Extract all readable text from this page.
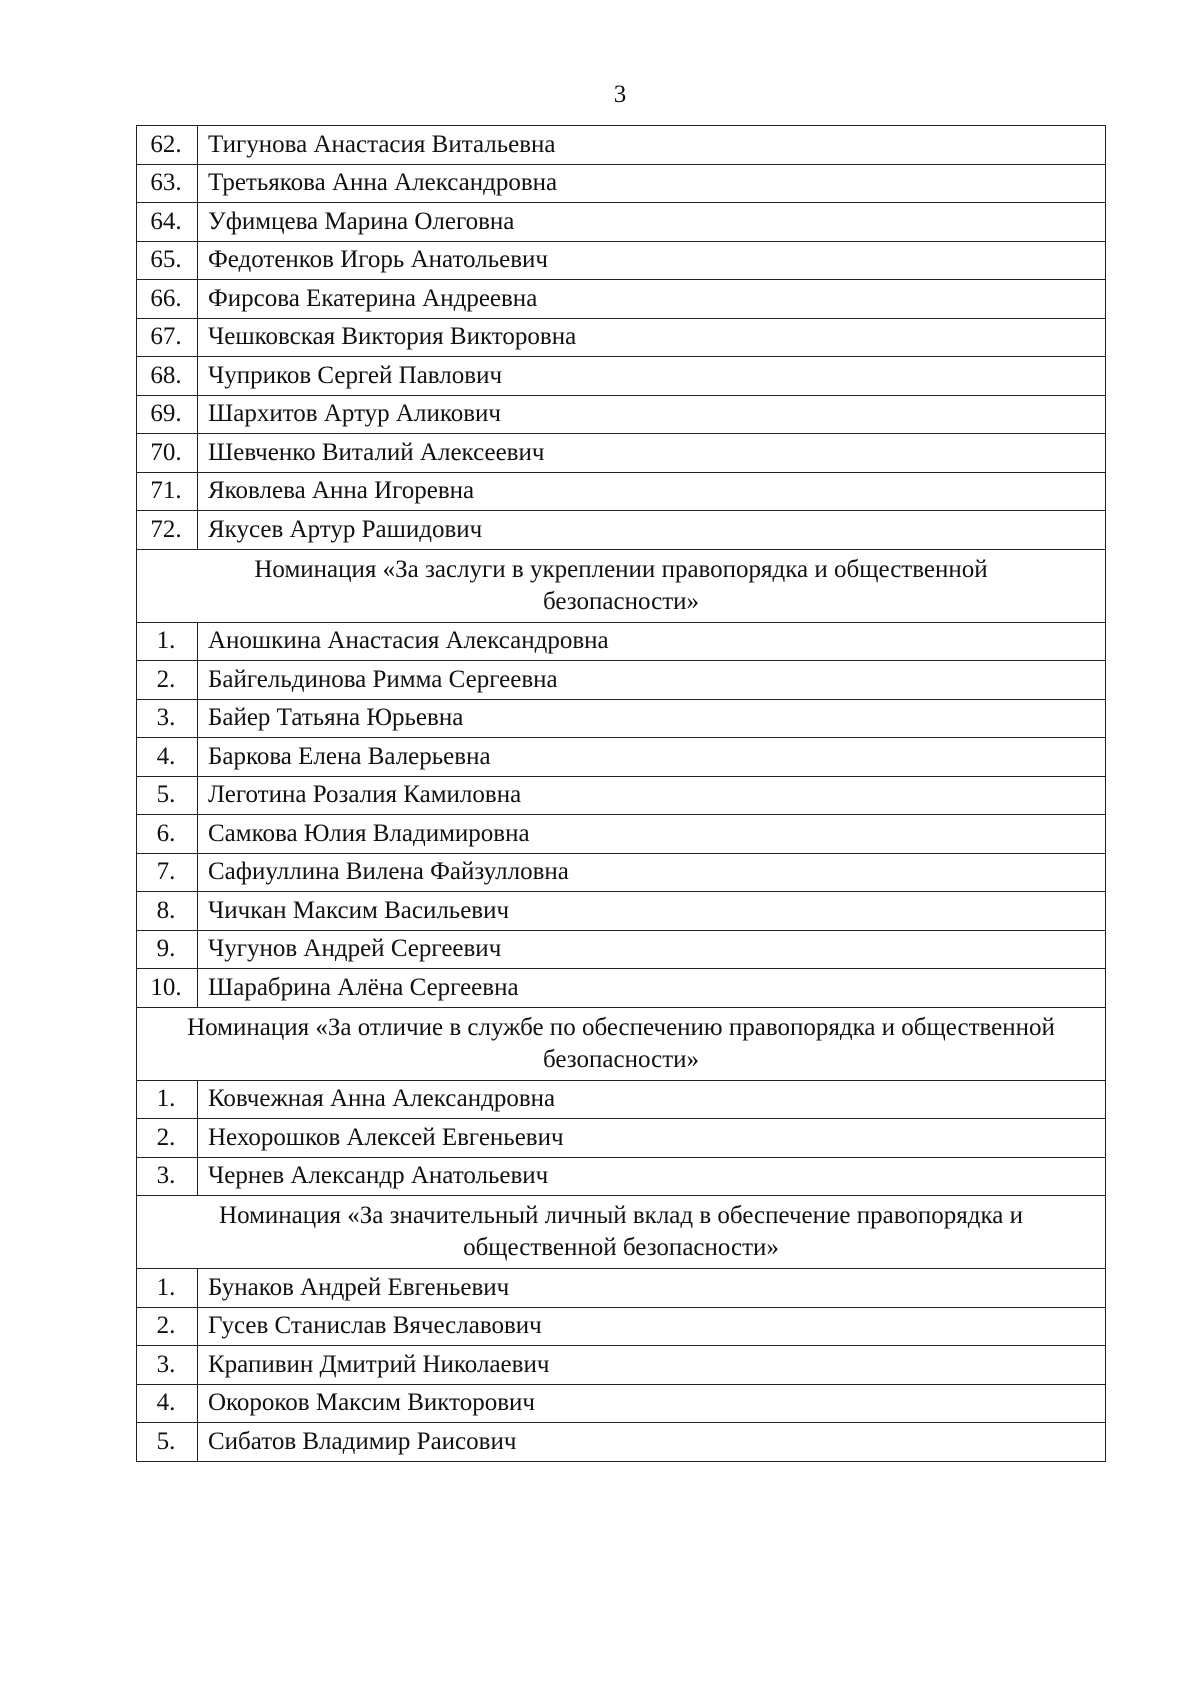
3
62.	Тигунова Анастасия Витальевна
63.	Третьякова Анна Александровна
64.	Уфимцева Марина Олеговна
65.	Федотенков Игорь Анатольевич
66.	Фирсова Екатерина Андреевна
67.	Чешковская Виктория Викторовна
68.	Чуприков Сергей Павлович
69.	Шархитов Артур Аликович
70.	Шевченко Виталий Алексеевич
71.	Яковлева Анна Игоревна
72.	Якусев Артур Рашидович
Номинация «За заслуги в укреплении правопорядка и общественной безопасности»	
1.	Аношкина Анастасия Александровна
2.	Байгельдинова Римма Сергеевна
3.	Байер Татьяна Юрьевна
4.	Баркова Елена Валерьевна
5.	Леготина Розалия Камиловна
6.	Самкова Юлия Владимировна
7.	Сафиуллина Вилена Файзулловна
8.	Чичкан Максим Васильевич
9.	Чугунов Андрей Сергеевич
10.	Шарабрина Алёна Сергеевна
Номинация «За отличие в службе по обеспечению правопорядка и общественной безопасности»	
1.	Ковчежная Анна Александровна
2.	Нехорошков Алексей Евгеньевич
3.	Чернев Александр Анатольевич
Номинация «За значительный личный вклад в обеспечение правопорядка и общественной безопасности»	
1.	Бунаков Андрей Евгеньевич
2.	Гусев Станислав Вячеславович
3.	Крапивин Дмитрий Николаевич
4.	Окороков Максим Викторович
5.	Сибатов Владимир Раисович
